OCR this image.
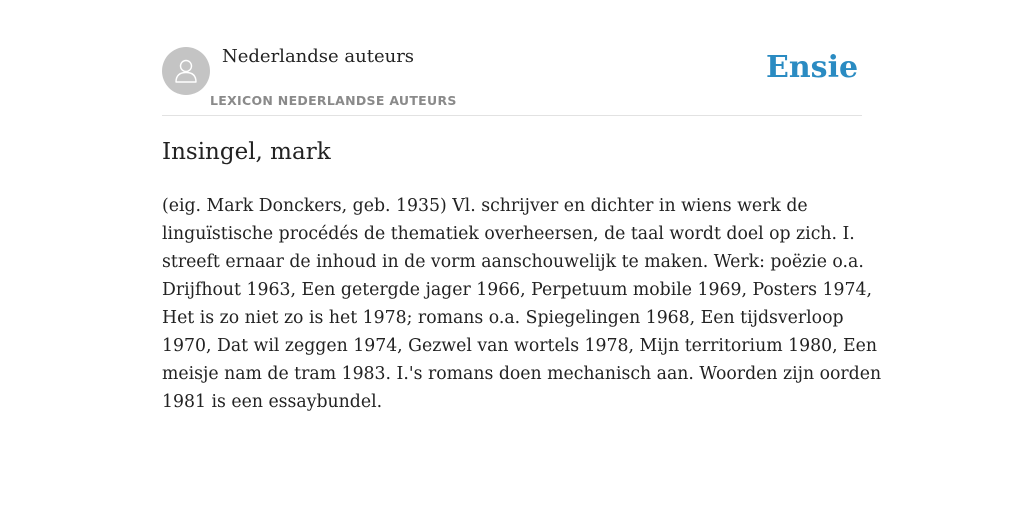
Nederlandse auteurs	Ensie
LEXICON NEDERLANDSE AUTEURS
Insingel, mark

(eig. Mark Donckers, geb. 1935) Vl. schrijver en dichter in wiens werk de
linguïstische procédés de thematiek overheersen, de taal wordt doel op zich. I.
streeft ernaar de inhoud in de vorm aanschouwelijk te maken. Werk: poëzie o.a.
Drijfhout 1963, Een getergde jager 1966, Perpetuum mobile 1969, Posters 1974,
Het is zo niet zo is het 1978; romans o.a. Spiegelingen 1968, Een tijdsverloop
1970, Dat wil zeggen 1974, Gezwel van wortels 1978, Mijn territorium 1980, Een
meisje nam de tram 1983. I.'s romans doen mechanisch aan. Woorden zijn oorden
1981 is een essaybundel.
